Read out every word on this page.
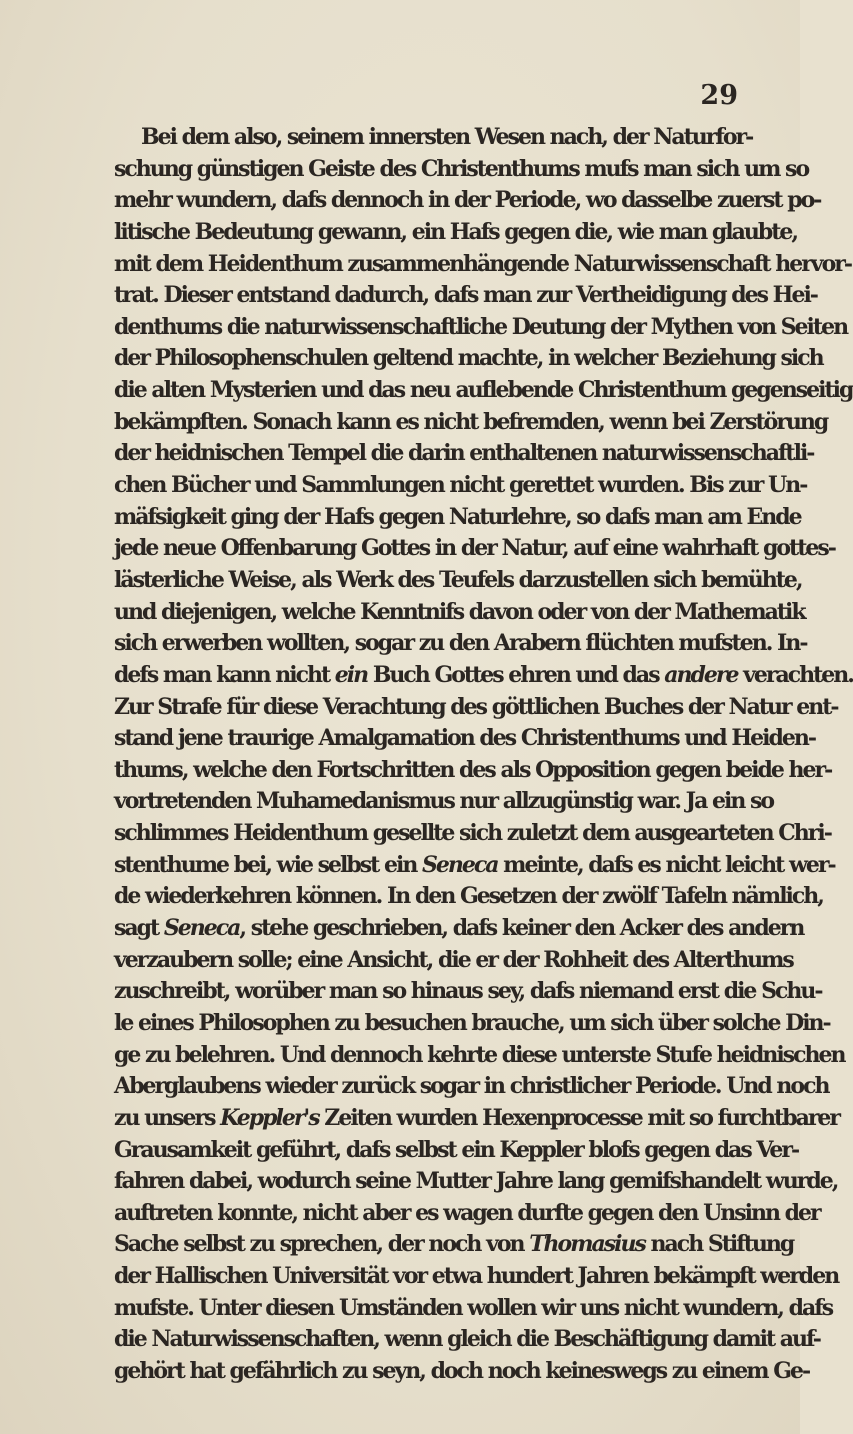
29
Bei dem also, seinem innersten Wesen nach, der Naturfor-
schung günstigen Geiste des Christenthums mufs man sich um so
mehr wundern, dafs dennoch in der Periode, wo dasselbe zuerst po-
litische Bedeutung gewann, ein Hafs gegen die, wie man glaubte,
mit dem Heidenthum zusammenhängende Naturwissenschaft hervor-
trat. Dieser entstand dadurch, dafs man zur Vertheidigung des Hei-
denthums die naturwissenschaftliche Deutung der Mythen von Seiten
der Philosophenschulen geltend machte, in welcher Beziehung sich
die alten Mysterien und das neu auflebende Christenthum gegenseitig
bekämpften. Sonach kann es nicht befremden, wenn bei Zerstörung
der heidnischen Tempel die darin enthaltenen naturwissenschaftli-
chen Bücher und Sammlungen nicht gerettet wurden. Bis zur Un-
mäfsigkeit ging der Hafs gegen Naturlehre, so dafs man am Ende
jede neue Offenbarung Gottes in der Natur, auf eine wahrhaft gottes-
lästerliche Weise, als Werk des Teufels darzustellen sich bemühte,
und diejenigen, welche Kenntnifs davon oder von der Mathematik
sich erwerben wollten, sogar zu den Arabern flüchten mufsten. In-
defs man kann nicht ein Buch Gottes ehren und das andere verachten.
Zur Strafe für diese Verachtung des göttlichen Buches der Natur ent-
stand jene traurige Amalgamation des Christenthums und Heiden-
thums, welche den Fortschritten des als Opposition gegen beide her-
vortretenden Muhamedanismus nur allzugünstig war. Ja ein so
schlimmes Heidenthum gesellte sich zuletzt dem ausgearteten Chri-
stenthume bei, wie selbst ein Seneca meinte, dafs es nicht leicht wer-
de wiederkehren können. In den Gesetzen der zwölf Tafeln nämlich,
sagt Seneca, stehe geschrieben, dafs keiner den Acker des andern
verzaubern solle; eine Ansicht, die er der Rohheit des Alterthums
zuschreibt, worüber man so hinaus sey, dafs niemand erst die Schu-
le eines Philosophen zu besuchen brauche, um sich über solche Din-
ge zu belehren. Und dennoch kehrte diese unterste Stufe heidnischen
Aberglaubens wieder zurück sogar in christlicher Periode. Und noch
zu unsers Keppler's Zeiten wurden Hexenprocesse mit so furchtbarer
Grausamkeit geführt, dafs selbst ein Keppler blofs gegen das Ver-
fahren dabei, wodurch seine Mutter Jahre lang gemifshandelt wurde,
auftreten konnte, nicht aber es wagen durfte gegen den Unsinn der
Sache selbst zu sprechen, der noch von Thomasius nach Stiftung
der Hallischen Universität vor etwa hundert Jahren bekämpft werden
mufste. Unter diesen Umständen wollen wir uns nicht wundern, dafs
die Naturwissenschaften, wenn gleich die Beschäftigung damit auf-
gehört hat gefährlich zu seyn, doch noch keineswegs zu einem Ge-
